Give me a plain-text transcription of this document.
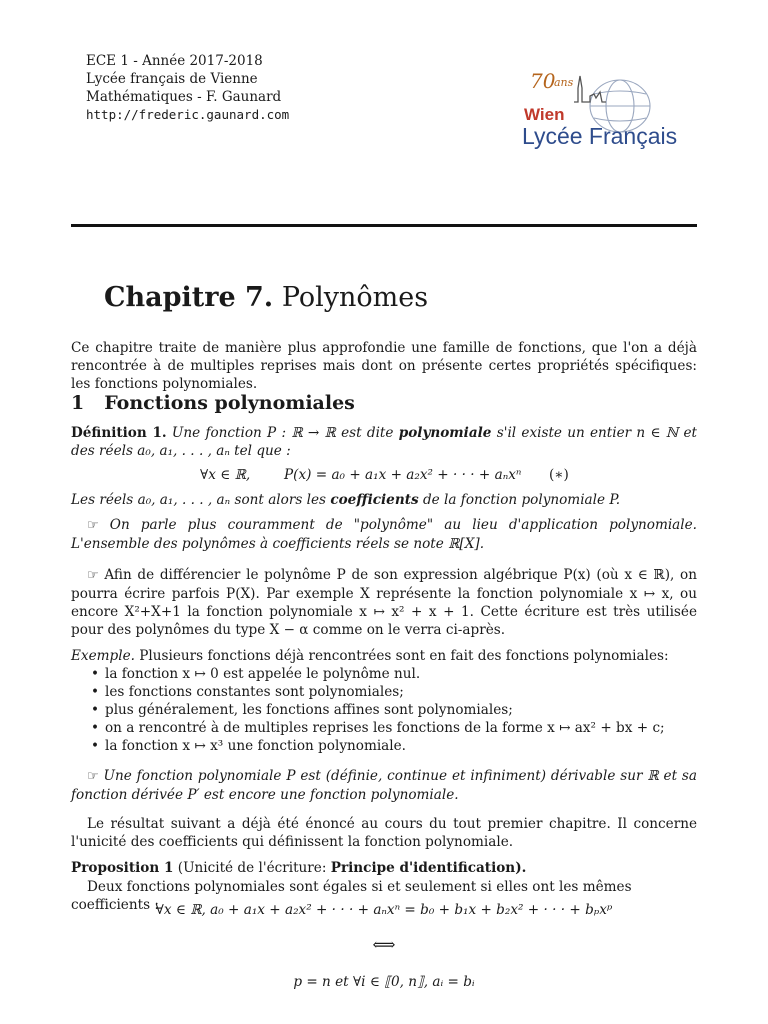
ECE 1 - Année 2017-2018
Lycée français de Vienne
Mathématiques - F. Gaunard
http://frederic.gaunard.com
70
ans
Wien
Lycée Français
Chapitre 7. Polynômes
Ce chapitre traite de manière plus approfondie une famille de fonctions, que l'on a déjà rencontrée à de multiples reprises mais dont on présente certes propriétés spécifiques: les fonctions polynomiales.
1 Fonctions polynomiales
Définition 1. Une fonction P : ℝ → ℝ est dite polynomiale s'il existe un entier n ∈ ℕ et des réels a₀, a₁, . . . , aₙ tel que :
∀x ∈ ℝ, P(x) = a₀ + a₁x + a₂x² + · · · + aₙxⁿ (∗)
Les réels a₀, a₁, . . . , aₙ sont alors les coefficients de la fonction polynomiale P.
☞ On parle plus couramment de "polynôme" au lieu d'application polynomiale. L'ensemble des polynômes à coefficients réels se note ℝ[X].
☞ Afin de différencier le polynôme P de son expression algébrique P(x) (où x ∈ ℝ), on pourra écrire parfois P(X). Par exemple X représente la fonction polynomiale x ↦ x, ou encore X²+X+1 la fonction polynomiale x ↦ x² + x + 1. Cette écriture est très utilisée pour des polynômes du type X − α comme on le verra ci-après.
Exemple. Plusieurs fonctions déjà rencontrées sont en fait des fonctions polynomiales:
• la fonction x ↦ 0 est appelée le polynôme nul.
• les fonctions constantes sont polynomiales;
• plus généralement, les fonctions affines sont polynomiales;
• on a rencontré à de multiples reprises les fonctions de la forme x ↦ ax² + bx + c;
• la fonction x ↦ x³ une fonction polynomiale.
☞ Une fonction polynomiale P est (définie, continue et infiniment) dérivable sur ℝ et sa fonction dérivée P′ est encore une fonction polynomiale.
Le résultat suivant a déjà été énoncé au cours du tout premier chapitre. Il concerne l'unicité des coefficients qui définissent la fonction polynomiale.
Proposition 1 (Unicité de l'écriture: Principe d'identification).
Deux fonctions polynomiales sont égales si et seulement si elles ont les mêmes coefficients :
∀x ∈ ℝ, a₀ + a₁x + a₂x² + · · · + aₙxⁿ = b₀ + b₁x + b₂x² + · · · + bₚxᵖ
⟺
p = n et ∀i ∈ ⟦0, n⟧, aᵢ = bᵢ
